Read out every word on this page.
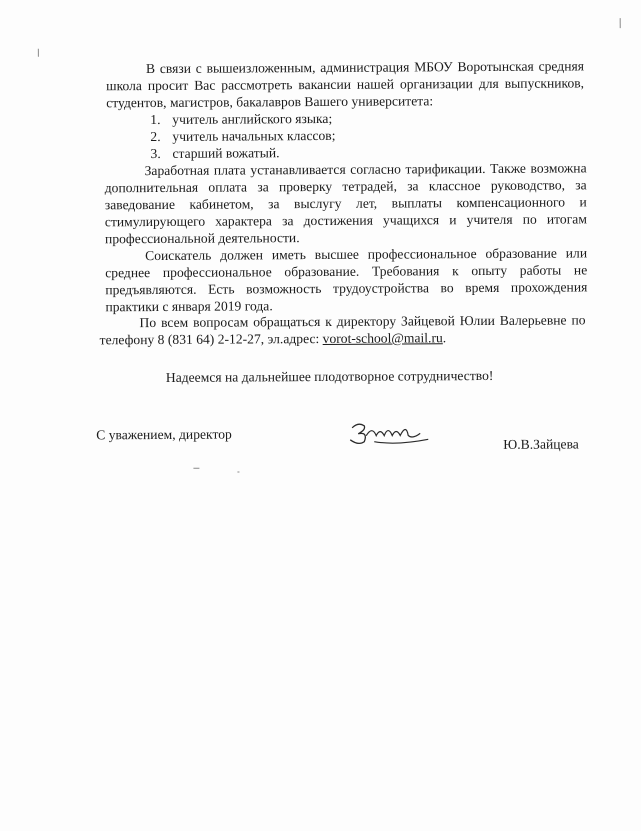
В связи с вышеизложенным, администрация МБОУ Воротынская средняя школа просит Вас рассмотреть вакансии нашей организации для выпускников, студентов, магистров, бакалавров Вашего университета:

1. учитель английского языка;
2. учитель начальных классов;
3. старший вожатый.

Заработная плата устанавливается согласно тарификации. Также возможна дополнительная оплата за проверку тетрадей, за классное руководство, за заведование кабинетом, за выслугу лет, выплаты компенсационного и стимулирующего характера за достижения учащихся и учителя по итогам профессиональной деятельности.

Соискатель должен иметь высшее профессиональное образование или среднее профессиональное образование. Требования к опыту работы не предъявляются. Есть возможность трудоустройства во время прохождения практики с января 2019 года.

По всем вопросам обращаться к директору Зайцевой Юлии Валерьевне по телефону 8 (831 64) 2-12-27, эл.адрес: vorot-school@mail.ru.

Надеемся на дальнейшее плодотворное сотрудничество!
С уважением, директор
Ю.В.Зайцева
